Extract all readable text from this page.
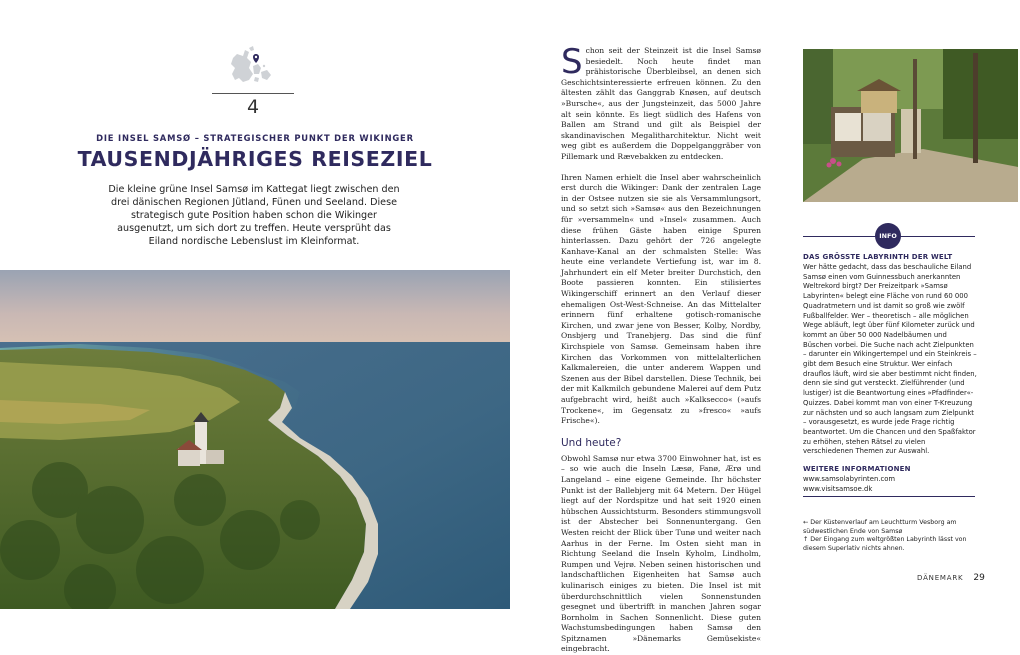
4
DIE INSEL SAMSØ – STRATEGISCHER PUNKT DER WIKINGER
TAUSENDJÄHRIGES REISEZIEL
Die kleine grüne Insel Samsø im Kattegat liegt zwischen den drei dänischen Regionen Jütland, Fünen und Seeland. Diese strategisch gute Position haben schon die Wikinger ausgenutzt, um sich dort zu treffen. Heute versprüht das Eiland nordische Lebenslust im Kleinformat.

Schon seit der Steinzeit ist die Insel Samsø besiedelt. Noch heute findet man prähistorische Überbleibsel, an denen sich Geschichtsinteressierte erfreuen können. Zu den ältesten zählt das Ganggrab Knøsen, auf deutsch »Bursche«, aus der Jungsteinzeit, das 5000 Jahre alt sein könnte. Es liegt südlich des Hafens von Ballen am Strand und gilt als Beispiel der skandinavischen Megalitharchitektur. Nicht weit weg gibt es außerdem die Doppelganggräber von Pillemark und Rævebakken zu entdecken.

Ihren Namen erhielt die Insel aber wahrscheinlich erst durch die Wikinger: Dank der zentralen Lage in der Ostsee nutzen sie sie als Versammlungsort, und so setzt sich »Samsø« aus den Bezeichnungen für »versammeln« und »Insel« zusammen. Auch diese frühen Gäste haben einige Spuren hinterlassen. Dazu gehört der 726 angelegte Kanhave-Kanal an der schmalsten Stelle: Was heute eine verlandete Vertiefung ist, war im 8. Jahrhundert ein elf Meter breiter Durchstich, den Boote passieren konnten. Ein stilisiertes Wikingerschiff erinnert an den Verlauf dieser ehemaligen Ost-West-Schneise. An das Mittelalter erinnern fünf erhaltene gotisch-romanische Kirchen, und zwar jene von Besser, Kolby, Nordby, Onsbjerg und Tranebjerg. Das sind die fünf Kirchspiele von Samsø. Gemeinsam haben ihre Kirchen das Vorkommen von mittelalterlichen Kalkmalereien, die unter anderem Wappen und Szenen aus der Bibel darstellen. Diese Technik, bei der mit Kalkmilch gebundene Malerei auf dem Putz aufgebracht wird, heißt auch »Kalksecco« (»aufs Trockene«, im Gegensatz zu »fresco« »aufs Frische«).

Und heute?

Obwohl Samsø nur etwa 3700 Einwohner hat, ist es – so wie auch die Inseln Læsø, Fanø, Ærø und Langeland – eine eigene Gemeinde. Ihr höchster Punkt ist der Ballebjerg mit 64 Metern. Der Hügel liegt auf der Nordspitze und hat seit 1920 einen hübschen Aussichtsturm. Besonders stimmungsvoll ist der Abstecher bei Sonnenuntergang. Gen Westen reicht der Blick über Tunø und weiter nach Aarhus in der Ferne. Im Osten sieht man in Richtung Seeland die Inseln Kyholm, Lindholm, Rumpen und Vejrø. Neben seinen historischen und landschaftlichen Eigenheiten hat Samsø auch kulinarisch einiges zu bieten. Die Insel ist mit überdurchschnittlich vielen Sonnenstunden gesegnet und übertrifft in manchen Jahren sogar Bornholm in Sachen Sonnenlicht. Diese guten Wachstumsbedingungen haben Samsø den Spitznamen »Dänemarks Gemüsekiste« eingebracht.

INFO
DAS GRÖSSTE LABYRINTH DER WELT

Wer hätte gedacht, dass das beschauliche Eiland Samsø einen vom Guinnessbuch anerkannten Weltrekord birgt? Der Freizeitpark »Samsø Labyrinten« belegt eine Fläche von rund 60 000 Quadratmetern und ist damit so groß wie zwölf Fußballfelder. Wer – theoretisch – alle möglichen Wege abläuft, legt über fünf Kilometer zurück und kommt an über 50 000 Nadelbäumen und Büschen vorbei. Die Suche nach acht Zielpunkten – darunter ein Wikingertempel und ein Steinkreis – gibt dem Besuch eine Struktur. Wer einfach drauflos läuft, wird sie aber bestimmt nicht finden, denn sie sind gut versteckt. Zielführender (und lustiger) ist die Beantwortung eines »Pfadfinder«-Quizzes. Dabei kommt man von einer T-Kreuzung zur nächsten und so auch langsam zum Zielpunkt – vorausgesetzt, es wurde jede Frage richtig beantwortet. Um die Chancen und den Spaßfaktor zu erhöhen, stehen Rätsel zu vielen verschiedenen Themen zur Auswahl.

WEITERE INFORMATIONEN
www.samsolabyrinten.com
www.visitsamsoe.dk
← Der Küstenverlauf am Leuchtturm Vesborg am südwestlichen Ende von Samsø
↑ Der Eingang zum weltgrößten Labyrinth lässt von diesem Superlativ nichts ahnen.
DÄNEMARK 29
